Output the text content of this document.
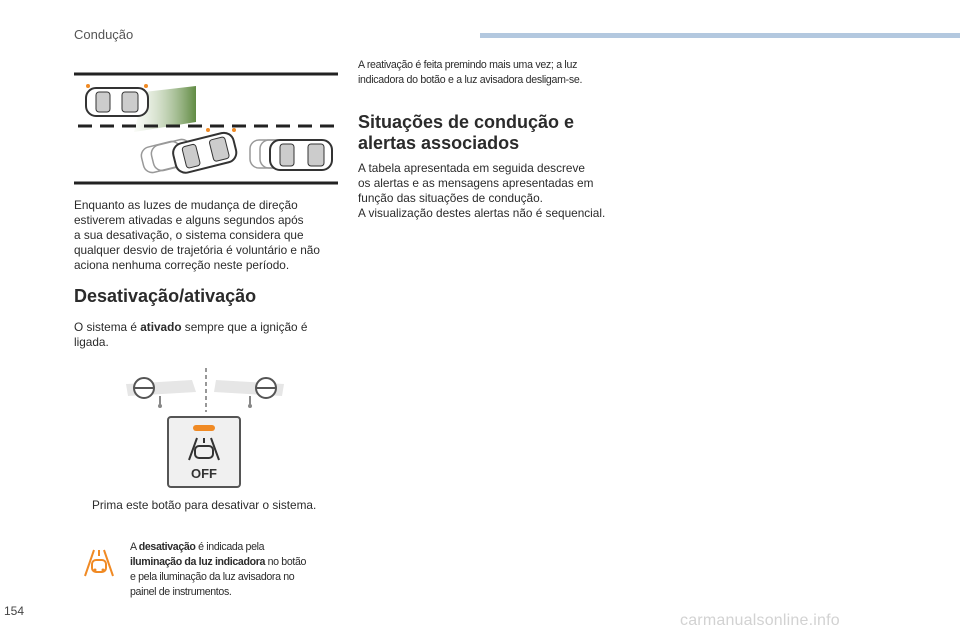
Condução
Enquanto as luzes de mudança de direção
estiverem ativadas e alguns segundos após
a sua desativação, o sistema considera que
qualquer desvio de trajetória é voluntário e não
aciona nenhuma correção neste período.
Desativação/ativação
O sistema é ativado sempre que a ignição é
ligada.
OFF
Prima este botão para desativar o sistema.
A desativação é indicada pela
iluminação da luz indicadora no botão
e pela iluminação da luz avisadora no
painel de instrumentos.
A reativação é feita premindo mais uma vez; a luz
indicadora do botão e a luz avisadora desligam-se.
Situações de condução e
alertas associados
A tabela apresentada em seguida descreve
os alertas e as mensagens apresentadas em
função das situações de condução.
A visualização destes alertas não é sequencial.
154
carmanualsonline.info
